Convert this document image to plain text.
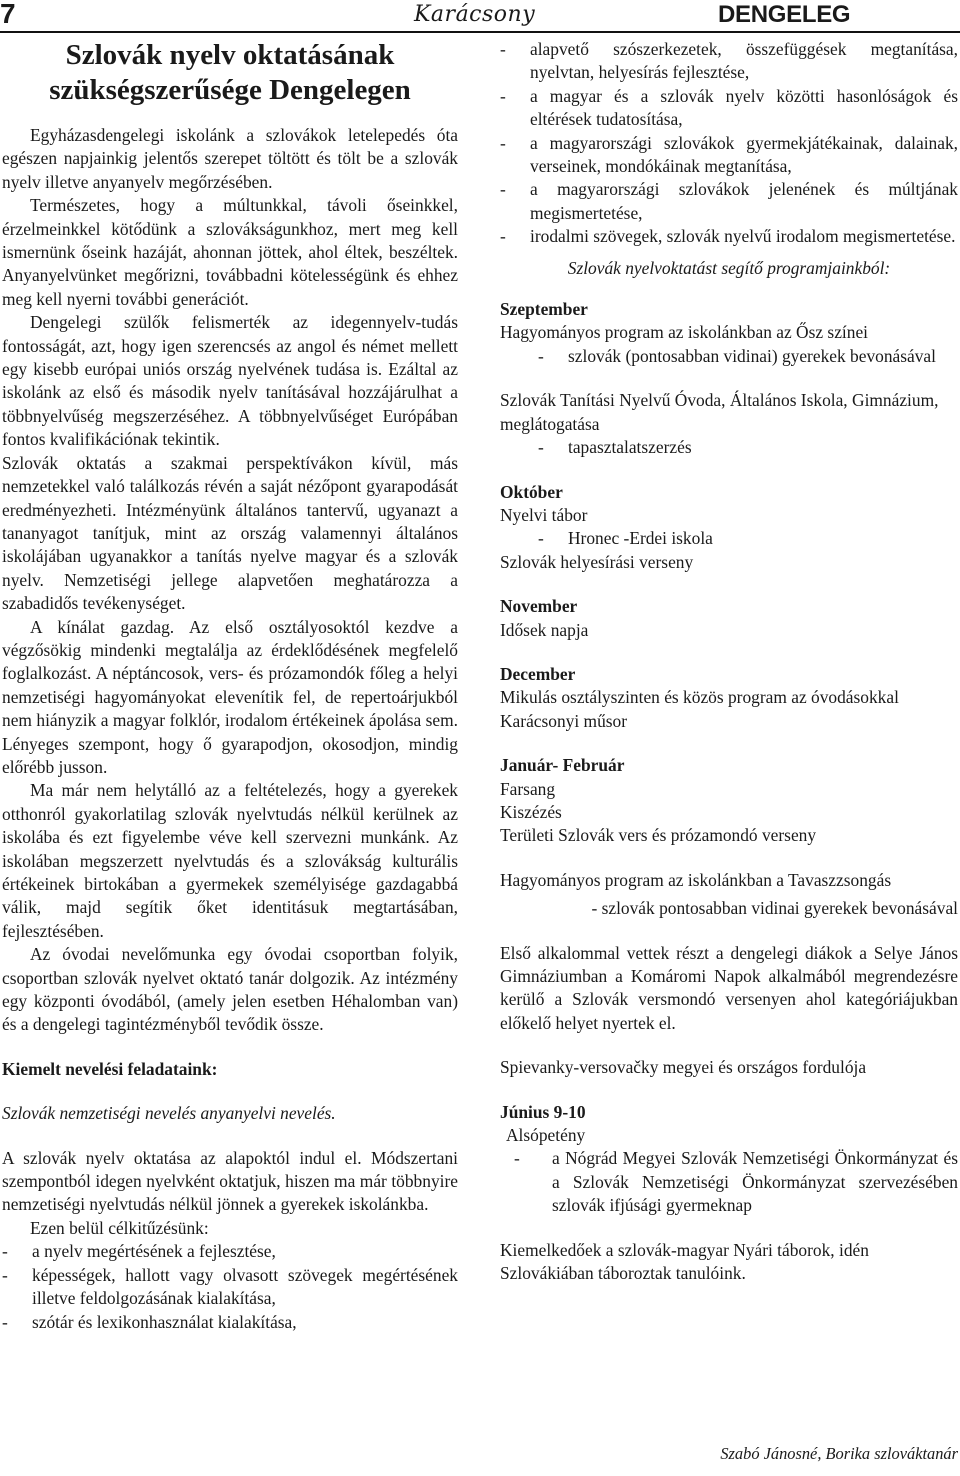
7	Karácsony	DENGELEG

Szlovák nyelv oktatásának
szükségszerűsége Dengelegen

Egyházasdengelegi iskolánk a szlovákok letelepedés óta egészen napjainkig jelentős szerepet töltött és tölt be a szlovák nyelv illetve anyanyelv megőrzésében.

Természetes, hogy a múltunkkal, távoli őseinkkel, érzelmeinkkel kötődünk a szlovákságunkhoz, mert meg kell ismernünk őseink hazáját, ahonnan jöttek, ahol éltek, beszéltek. Anyanyelvünket megőrizni, továbbadni kötelességünk és ehhez meg kell nyerni további generációt.

Dengelegi szülők felismerték az idegennyelv-tudás fontosságát, azt, hogy igen szerencsés az angol és német mellett egy kisebb európai uniós ország nyelvének tudása is. Ezáltal az iskolánk az első és második nyelv tanításával hozzájárulhat a többnyelvűség megszerzéséhez. A többnyelvűséget Európában fontos kvalifikációnak tekintik.

Szlovák oktatás a szakmai perspektívákon kívül, más nemzetekkel való találkozás révén a saját nézőpont gyarapodását eredményezheti. Intézményünk általános tantervű, ugyanazt a tananyagot tanítjuk, mint az ország valamennyi általános iskolájában ugyanakkor a tanítás nyelve magyar és a szlovák nyelv. Nemzetiségi jellege alapvetően meghatározza a szabadidős tevékenységet.

A kínálat gazdag. Az első osztályosoktól kezdve a végzősökig mindenki megtalálja az érdeklődésének megfelelő foglalkozást. A néptáncosok, vers- és prózamondók főleg a helyi nemzetiségi hagyományokat elevenítik fel, de repertoárjukból nem hiányzik a magyar folklór, irodalom értékeinek ápolása sem. Lényeges szempont, hogy ő gyarapodjon, okosodjon, mindig előrébb jusson.

Ma már nem helytálló az a feltételezés, hogy a gyerekek otthonról gyakorlatilag szlovák nyelvtudás nélkül kerülnek az iskolába és ezt figyelembe véve kell szervezni munkánk. Az iskolában megszerzett nyelvtudás és a szlovákság kulturális értékeinek birtokában a gyermekek személyisége gazdagabbá válik, majd segítik őket identitásuk megtartásában, fejlesztésében.

Az óvodai nevelőmunka egy óvodai csoportban folyik, csoportban szlovák nyelvet oktató tanár dolgozik. Az intézmény egy központi óvodából, (amely jelen esetben Héhalomban van) és a dengelegi tagintézményből tevődik össze.

Kiemelt nevelési feladataink:

Szlovák nemzetiségi nevelés anyanyelvi nevelés.

A szlovák nyelv oktatása az alapoktól indul el. Módszertani szempontból idegen nyelvként oktatjuk, hiszen ma már többnyire nemzetiségi nyelvtudás nélkül jönnek a gyerekek iskolánkba.

Ezen belül célkitűzésünk:

-	a nyelv megértésének a fejlesztése,
-	képességek, hallott vagy olvasott szövegek megértésének illetve feldolgozásának kialakítása,
-	szótár és lexikonhasználat kialakítása,
-	alapvető szószerkezetek, összefüggések megtanítása, nyelvtan, helyesírás fejlesztése,
-	a magyar és a szlovák nyelv közötti hasonlóságok és eltérések tudatosítása,
-	a magyarországi szlovákok gyermekjátékainak, dalainak, verseinek, mondókáinak megtanítása,
-	a magyarországi szlovákok jelenének és múltjának megismertetése,
-	irodalmi szövegek, szlovák nyelvű irodalom megismertetése.

Szlovák nyelvoktatást segítő programjainkból:

Szeptember

Hagyományos program az iskolánkban az Ősz színei

-	szlovák (pontosabban vidinai) gyerekek bevonásával

Szlovák Tanítási Nyelvű Óvoda, Általános Iskola, Gimnázium, meglátogatása

-	tapasztalatszerzés

Október

Nyelvi tábor

-	Hronec -Erdei iskola

Szlovák helyesírási verseny

November

Idősek napja

December

Mikulás osztályszinten és közös program az óvodásokkal

Karácsonyi műsor

Január- Február

Farsang

Kiszézés

Területi Szlovák vers és prózamondó verseny

Hagyományos program az iskolánkban a Tavaszzsongás

- szlovák pontosabban vidinai gyerekek bevonásával

Első alkalommal vettek részt a dengelegi diákok a Selye János Gimnáziumban a Komáromi Napok alkalmából megrendezésre kerülő a Szlovák versmondó versenyen ahol kategóriájukban előkelő helyet nyertek el.

Spievanky-versovačky megyei és országos fordulója

Június 9-10

Alsópetény

-	a Nógrád Megyei Szlovák Nemzetiségi Önkormányzat és a Szlovák Nemzetiségi Önkormányzat szervezésében szlovák ifjúsági gyermeknap

Kiemelkedőek a szlovák-magyar Nyári táborok, idén Szlovákiában táboroztak tanulóink.

Szabó Jánosné, Borika szlováktanár
